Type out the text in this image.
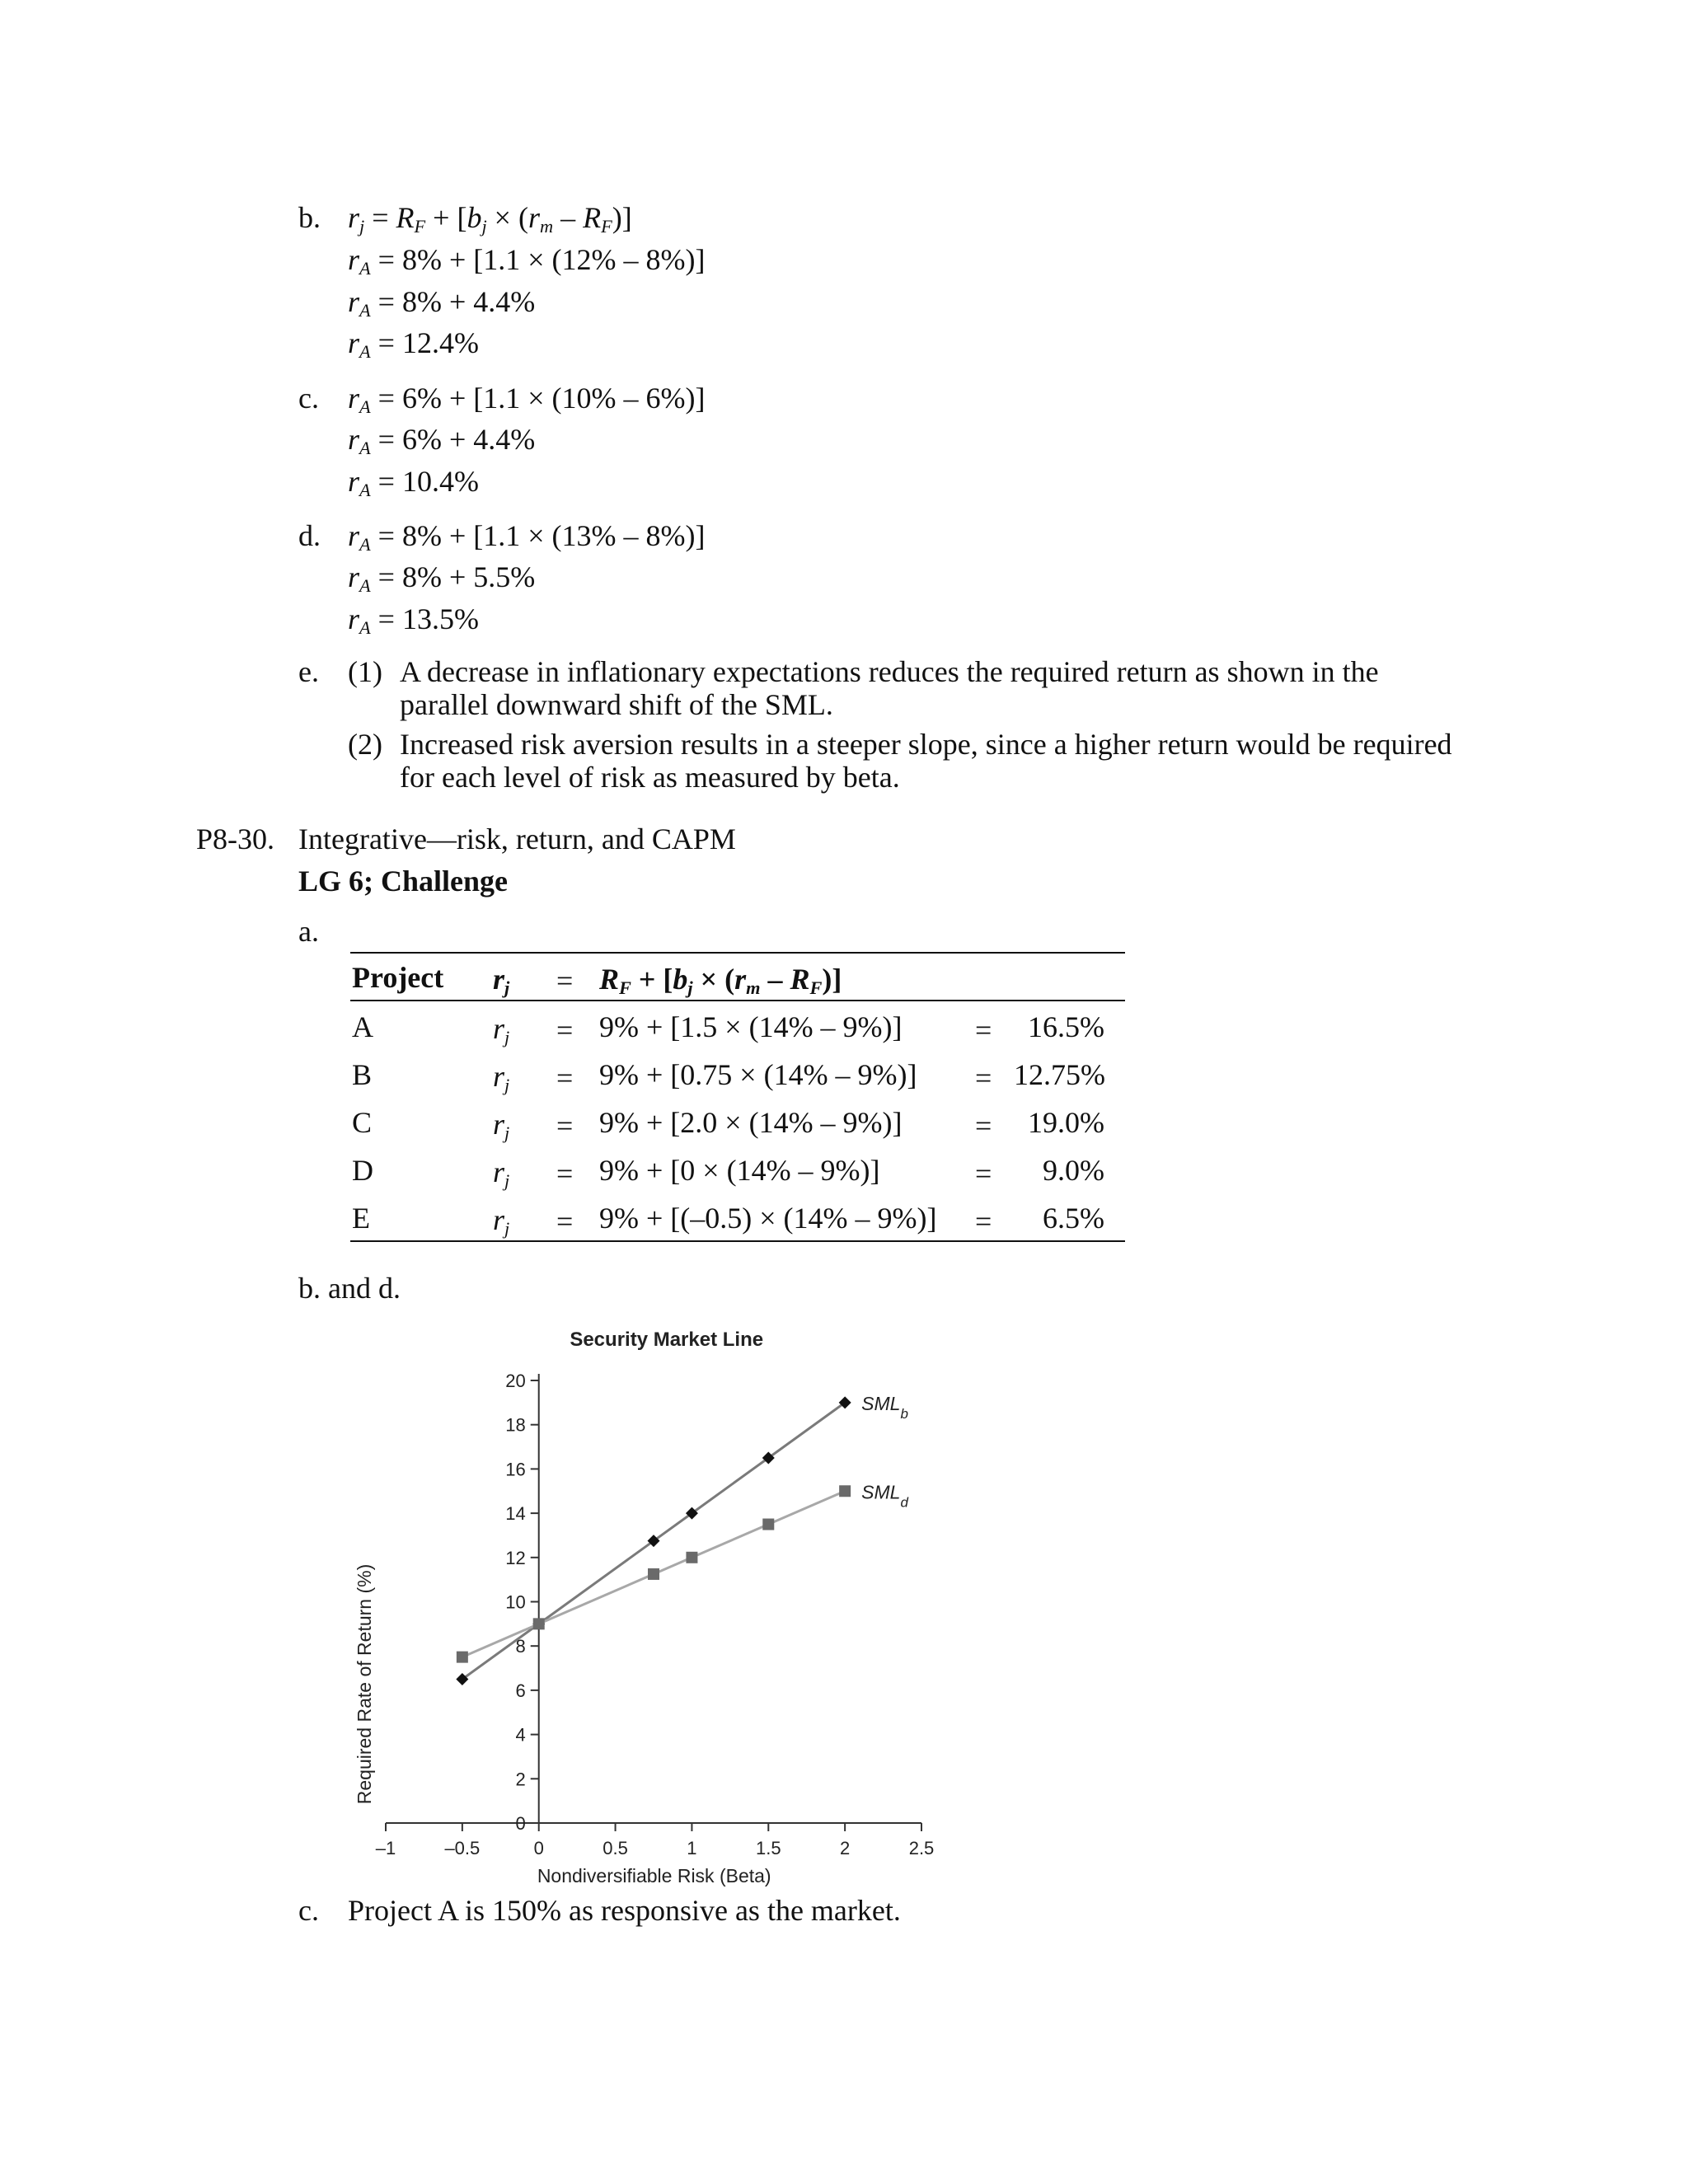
b. $r_j = R_F + [b_j \times (r_m - R_F)]$
$r_A = 8\% + [1.1 \times (12\% - 8\%)]$
$r_A = 8\% + 4.4\%$
$r_A = 12.4\%$
c. $r_A = 6\% + [1.1 \times (10\% - 6\%)]$
$r_A = 6\% + 4.4\%$
$r_A = 10.4\%$
d. $r_A = 8\% + [1.1 \times (13\% - 8\%)]$
$r_A = 8\% + 5.5\%$
$r_A = 13.5\%$
e. (1) A decrease in inflationary expectations reduces the required return as shown in the
parallel downward shift of the SML.
(2) Increased risk aversion results in a steeper slope, since a higher return would be required
for each level of risk as measured by beta.
P8-30. Integrative—risk, return, and CAPM
LG 6; Challenge
a.
Project $r_j = R_F + [b_j \times (r_m - R_F)]$
A	$r_j = 9\% + [1.5 \times (14\% - 9\%)]$ =	16.5%
B	$r_j = 9\% + [0.75 \times (14\% - 9\%)] = 12.75\%$
C	$r_j = 9\% + [2.0 \times (14\% - 9\%)]$ =	19.0%
D	$r_j = 9\% + [0 \times (14\% - 9\%)]$	=	9.0%
E	$r_j = 9\% + [(-0.5) \times (14\% - 9\%)]$ =	6.5%
b. and d.
Security Market Line
–1	–0.5	0	0.5	1	1.5	2	2.5
0
2
4
6
8
10
12
14
16
18
20
Nondiversifiable Risk (Beta)
Required Rate of Return (%)
$SML_b$
$SML_d$
c. Project A is 150% as responsive as the market.
